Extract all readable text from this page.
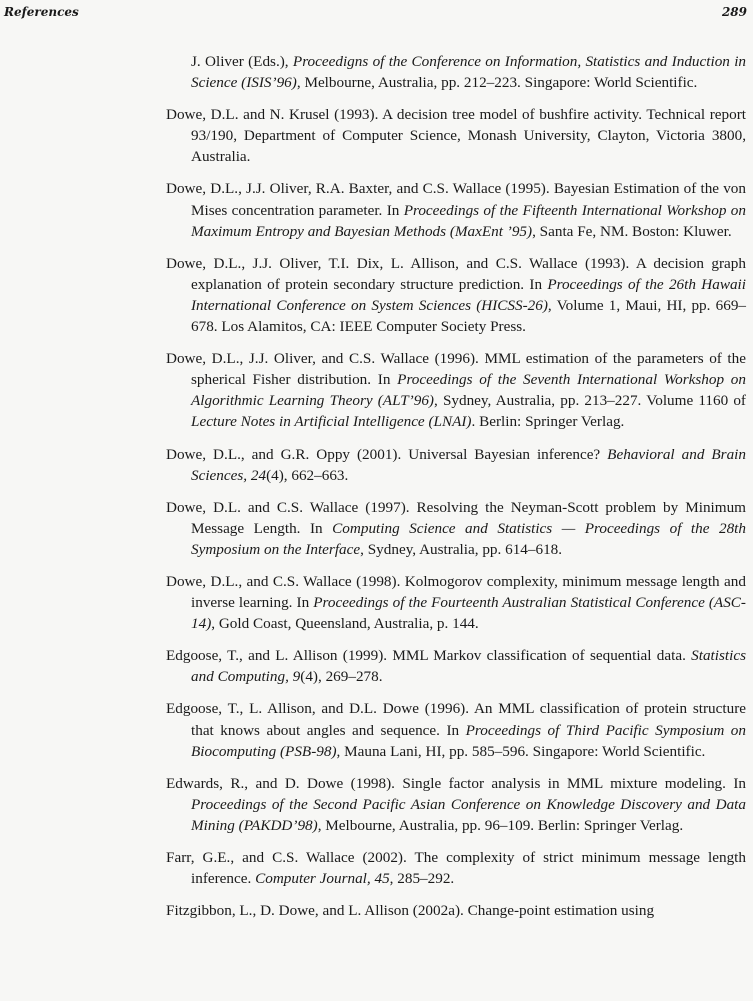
References	289

J. Oliver (Eds.), Proceedigns of the Conference on Information, Statistics and Induction in Science (ISIS’96), Melbourne, Australia, pp. 212–223. Singapore: World Scientific.

Dowe, D.L. and N. Krusel (1993). A decision tree model of bushfire activity. Technical report 93/190, Department of Computer Science, Monash University, Clayton, Victoria 3800, Australia.

Dowe, D.L., J.J. Oliver, R.A. Baxter, and C.S. Wallace (1995). Bayesian Estimation of the von Mises concentration parameter. In Proceedings of the Fifteenth International Workshop on Maximum Entropy and Bayesian Methods (MaxEnt ’95), Santa Fe, NM. Boston: Kluwer.

Dowe, D.L., J.J. Oliver, T.I. Dix, L. Allison, and C.S. Wallace (1993). A decision graph explanation of protein secondary structure prediction. In Proceedings of the 26th Hawaii International Conference on System Sciences (HICSS-26), Volume 1, Maui, HI, pp. 669–678. Los Alamitos, CA: IEEE Computer Society Press.

Dowe, D.L., J.J. Oliver, and C.S. Wallace (1996). MML estimation of the parameters of the spherical Fisher distribution. In Proceedings of the Seventh International Workshop on Algorithmic Learning Theory (ALT’96), Sydney, Australia, pp. 213–227. Volume 1160 of Lecture Notes in Artificial Intelligence (LNAI). Berlin: Springer Verlag.

Dowe, D.L., and G.R. Oppy (2001). Universal Bayesian inference? Behavioral and Brain Sciences, 24(4), 662–663.

Dowe, D.L. and C.S. Wallace (1997). Resolving the Neyman-Scott problem by Minimum Message Length. In Computing Science and Statistics — Proceedings of the 28th Symposium on the Interface, Sydney, Australia, pp. 614–618.

Dowe, D.L., and C.S. Wallace (1998). Kolmogorov complexity, minimum message length and inverse learning. In Proceedings of the Fourteenth Australian Statistical Conference (ASC-14), Gold Coast, Queensland, Australia, p. 144.

Edgoose, T., and L. Allison (1999). MML Markov classification of sequential data. Statistics and Computing, 9(4), 269–278.

Edgoose, T., L. Allison, and D.L. Dowe (1996). An MML classification of protein structure that knows about angles and sequence. In Proceedings of Third Pacific Symposium on Biocomputing (PSB-98), Mauna Lani, HI, pp. 585–596. Singapore: World Scientific.

Edwards, R., and D. Dowe (1998). Single factor analysis in MML mixture modeling. In Proceedings of the Second Pacific Asian Conference on Knowledge Discovery and Data Mining (PAKDD’98), Melbourne, Australia, pp. 96–109. Berlin: Springer Verlag.

Farr, G.E., and C.S. Wallace (2002). The complexity of strict minimum message length inference. Computer Journal, 45, 285–292.

Fitzgibbon, L., D. Dowe, and L. Allison (2002a). Change-point estimation using
